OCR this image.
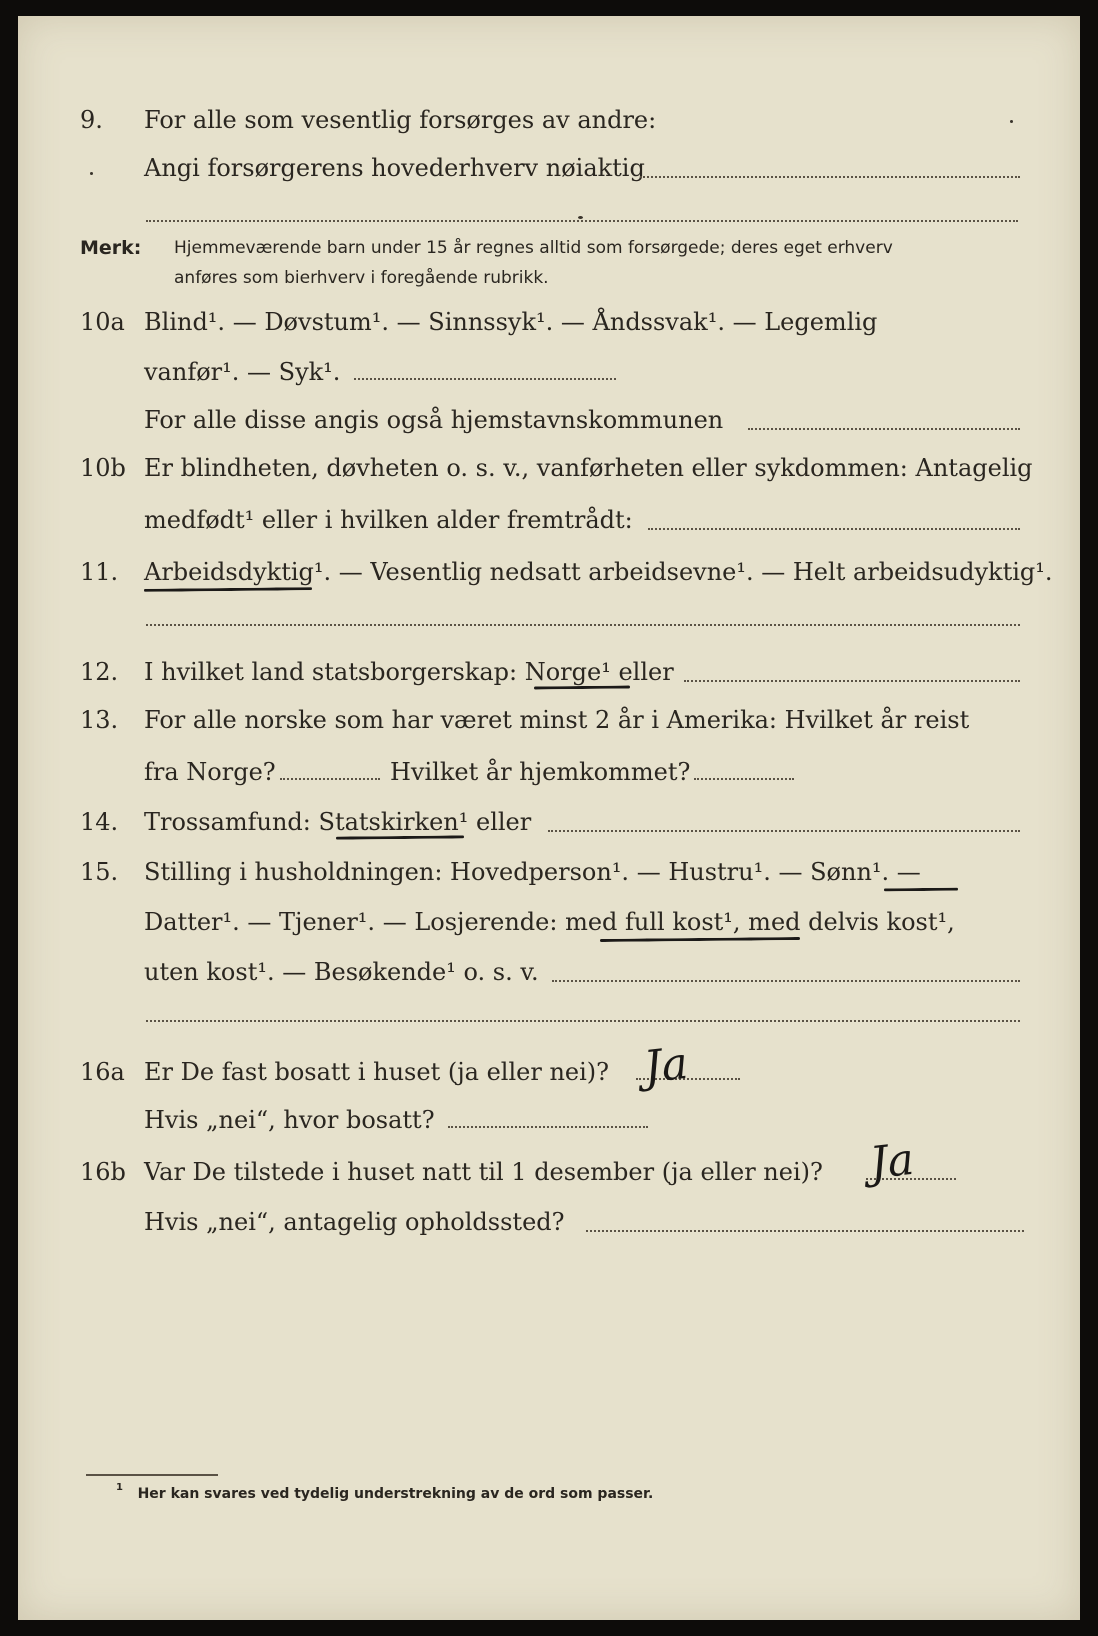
9. For alle som vesentlig forsørges av andre:
Angi forsørgerens hovederhverv nøiaktig
Merk: Hjemmeværende barn under 15 år regnes alltid som forsørgede; deres eget erhverv
anføres som bierhverv i foregående rubrikk.
10a Blind¹. — Døvstum¹. — Sinnssyk¹. — Åndssvak¹. — Legemlig
vanfør¹. — Syk¹.
For alle disse angis også hjemstavnskommunen
10b Er blindheten, døvheten o. s. v., vanførheten eller sykdommen: Antagelig
medfødt¹ eller i hvilken alder fremtrådt:
11. Arbeidsdyktig¹. — Vesentlig nedsatt arbeidsevne¹. — Helt arbeidsudyktig¹.
12. I hvilket land statsborgerskap: Norge¹ eller
13. For alle norske som har været minst 2 år i Amerika: Hvilket år reist
fra Norge?	Hvilket år hjemkommet?
14. Trossamfund: Statskirken¹ eller
15. Stilling i husholdningen: Hovedperson¹. — Hustru¹. — Sønn¹. —
Datter¹. — Tjener¹. — Losjerende: med full kost¹, med delvis kost¹,
uten kost¹. — Besøkende¹ o. s. v.
16a Er De fast bosatt i huset (ja eller nei)? Ja
Hvis „nei“, hvor bosatt?
16b Var De tilstede i huset natt til 1 desember (ja eller nei)? Ja
Hvis „nei“, antagelig opholdssted?
$^1$ Her kan svares ved tydelig understrekning av de ord som passer.
